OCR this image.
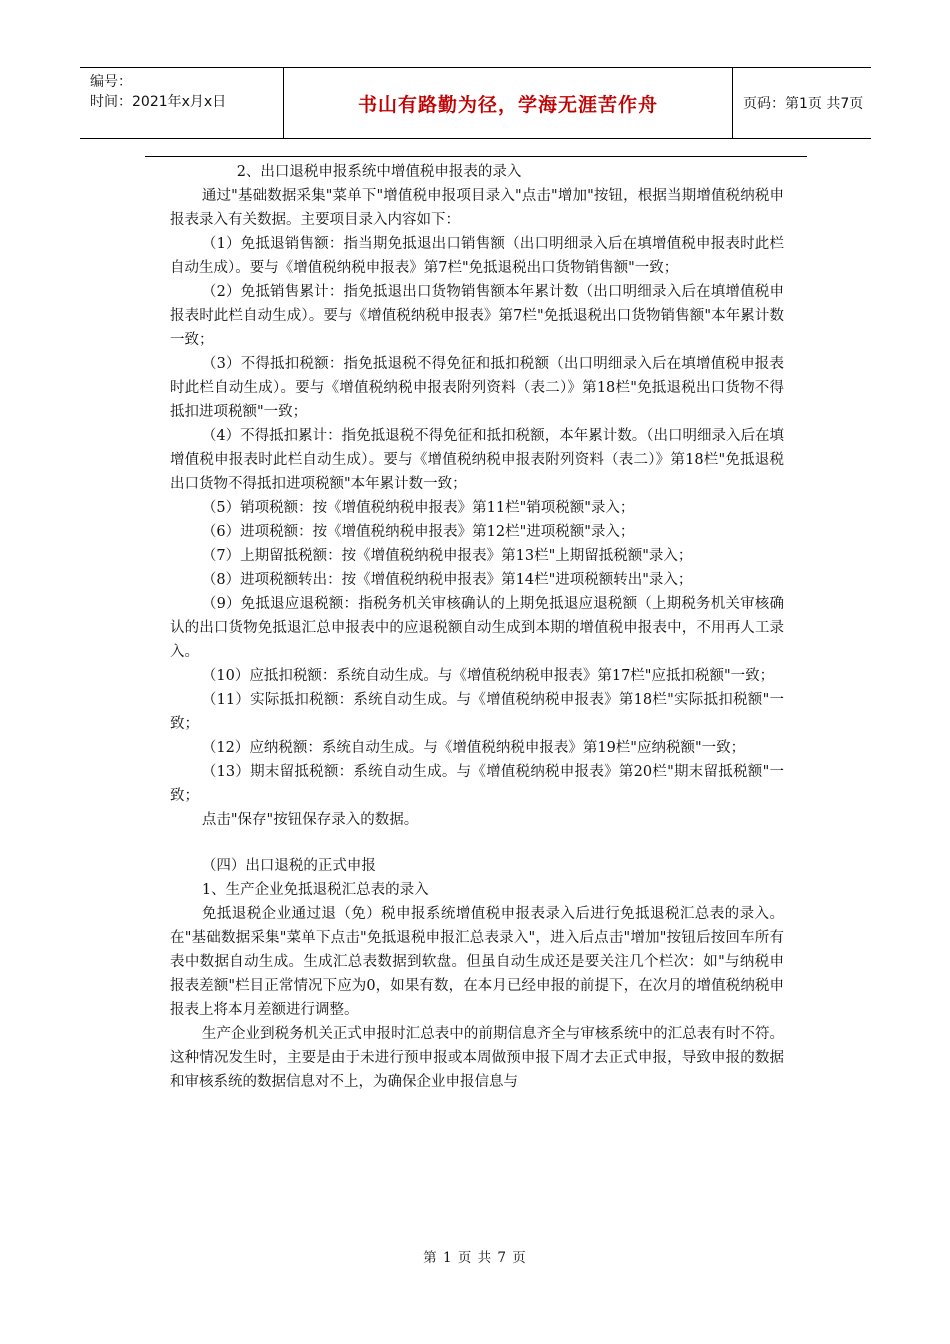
编号：
时间：2021年x月x日	书山有路勤为径，学海无涯苦作舟	页码：第1页 共7页

2、出口退税申报系统中增值税申报表的录入

通过"基础数据采集"菜单下"增值税申报项目录入"点击"增加"按钮，根据当期增值税纳税申报表录入有关数据。主要项目录入内容如下：

（1）免抵退销售额：指当期免抵退出口销售额（出口明细录入后在填增值税申报表时此栏自动生成）。要与《增值税纳税申报表》第7栏"免抵退税出口货物销售额"一致；

（2）免抵销售累计：指免抵退出口货物销售额本年累计数（出口明细录入后在填增值税申报表时此栏自动生成）。要与《增值税纳税申报表》第7栏"免抵退税出口货物销售额"本年累计数一致；

（3）不得抵扣税额：指免抵退税不得免征和抵扣税额（出口明细录入后在填增值税申报表时此栏自动生成）。要与《增值税纳税申报表附列资料（表二）》第18栏"免抵退税出口货物不得抵扣进项税额"一致；

（4）不得抵扣累计：指免抵退税不得免征和抵扣税额，本年累计数。（出口明细录入后在填增值税申报表时此栏自动生成）。要与《增值税纳税申报表附列资料（表二）》第18栏"免抵退税出口货物不得抵扣进项税额"本年累计数一致；

（5）销项税额：按《增值税纳税申报表》第11栏"销项税额"录入；

（6）进项税额：按《增值税纳税申报表》第12栏"进项税额"录入；

（7）上期留抵税额：按《增值税纳税申报表》第13栏"上期留抵税额"录入；

（8）进项税额转出：按《增值税纳税申报表》第14栏"进项税额转出"录入；

（9）免抵退应退税额：指税务机关审核确认的上期免抵退应退税额（上期税务机关审核确认的出口货物免抵退汇总申报表中的应退税额自动生成到本期的增值税申报表中，不用再人工录入。

（10）应抵扣税额：系统自动生成。与《增值税纳税申报表》第17栏"应抵扣税额"一致；

（11）实际抵扣税额：系统自动生成。与《增值税纳税申报表》第18栏"实际抵扣税额"一致；

（12）应纳税额：系统自动生成。与《增值税纳税申报表》第19栏"应纳税额"一致；

（13）期末留抵税额：系统自动生成。与《增值税纳税申报表》第20栏"期末留抵税额"一致；

点击"保存"按钮保存录入的数据。

（四）出口退税的正式申报

1、生产企业免抵退税汇总表的录入

免抵退税企业通过退（免）税申报系统增值税申报表录入后进行免抵退税汇总表的录入。在"基础数据采集"菜单下点击"免抵退税申报汇总表录入"，进入后点击"增加"按钮后按回车所有表中数据自动生成。生成汇总表数据到软盘。但虽自动生成还是要关注几个栏次：如"与纳税申报表差额"栏目正常情况下应为0，如果有数，在本月已经申报的前提下，在次月的增值税纳税申报表上将本月差额进行调整。

生产企业到税务机关正式申报时汇总表中的前期信息齐全与审核系统中的汇总表有时不符。这种情况发生时，主要是由于未进行预申报或本周做预申报下周才去正式申报，导致申报的数据和审核系统的数据信息对不上，为确保企业申报信息与

第 1 页 共 7 页
